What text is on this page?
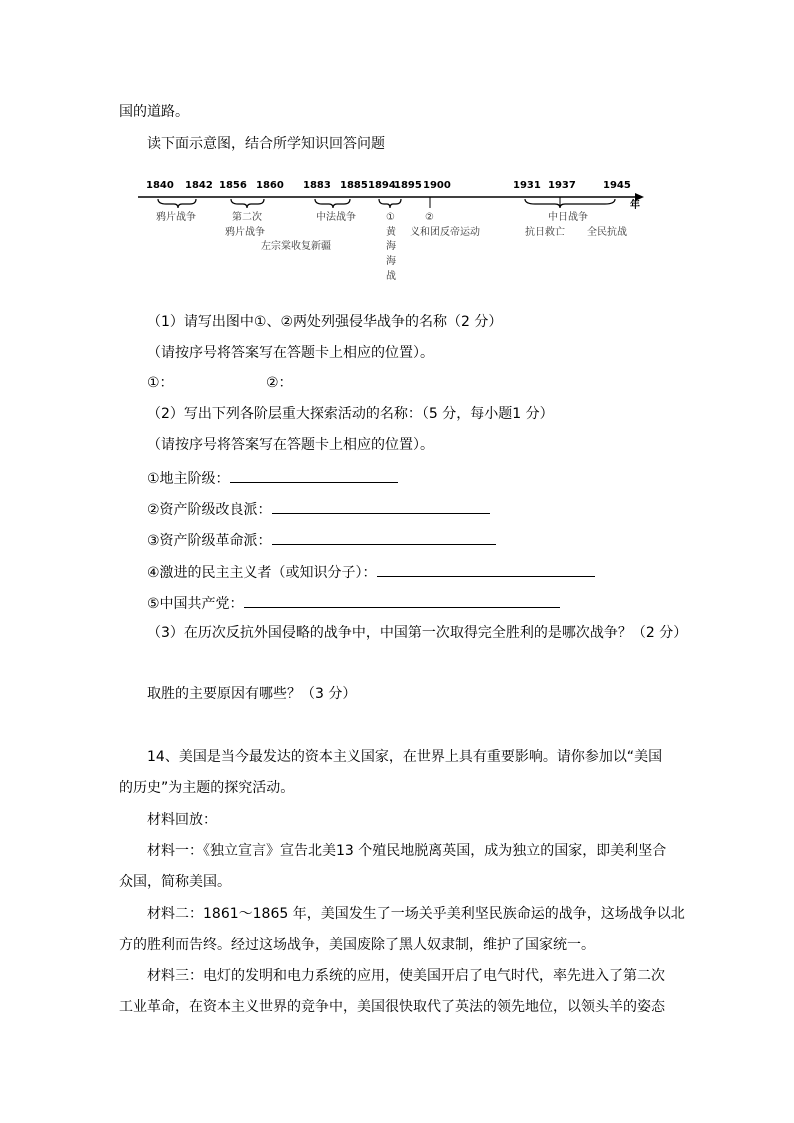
国的道路。
读下面示意图，结合所学知识回答问题
1840 1842 1856 1860 1883 1885 1894
1895 1900	1931 1937	1945
年
鸦片战争	第二次
鸦片战争
左宗棠收复新疆
中法战争	①
黄
海
海
战
②
义和团反帝运动
中日战争
抗日救亡 全民抗战
（1）请写出图中①、②两处列强侵华战争的名称（2 分）
（请按序号将答案写在答题卡上相应的位置）。
①：	②：
（2）写出下列各阶层重大探索活动的名称：（5 分，每小题1 分）
（请按序号将答案写在答题卡上相应的位置）。
①地主阶级：
②资产阶级改良派：
③资产阶级革命派：
④激进的民主主义者（或知识分子）：
⑤中国共产党：
（3）在历次反抗外国侵略的战争中，中国第一次取得完全胜利的是哪次战争？（2 分）
取胜的主要原因有哪些？（3 分）
14、美国是当今最发达的资本主义国家，在世界上具有重要影响。请你参加以“美国
的历史”为主题的探究活动。
材料回放：
材料一：《独立宣言》宣告北美13 个殖民地脱离英国，成为独立的国家，即美利坚合
众国，简称美国。
材料二：1861～1865 年，美国发生了一场关乎美利坚民族命运的战争，这场战争以北
方的胜利而告终。经过这场战争，美国废除了黑人奴隶制，维护了国家统一。
材料三：电灯的发明和电力系统的应用，使美国开启了电气时代，率先进入了第二次
工业革命，在资本主义世界的竞争中，美国很快取代了英法的领先地位，以领头羊的姿态
